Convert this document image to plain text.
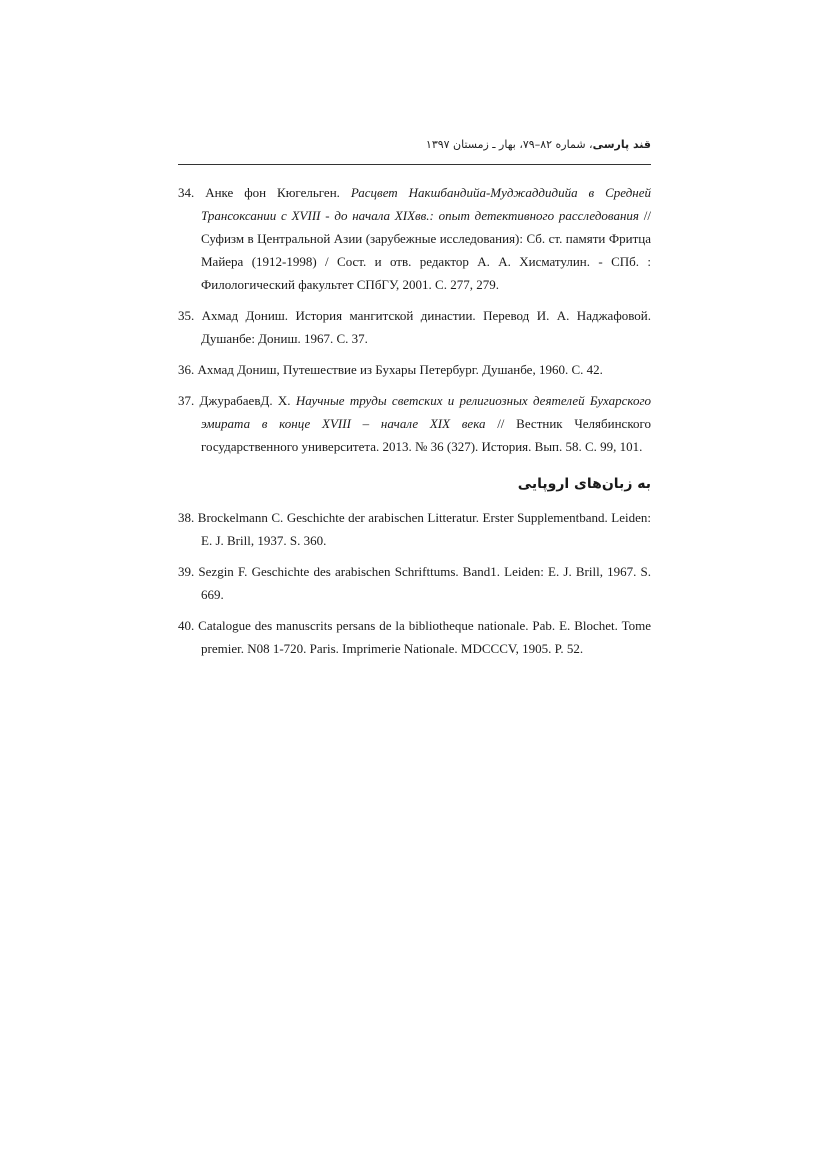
قند پارسی، شماره ۸۲–۷۹، بهار ـ زمستان ۱۳۹۷

34. Анке фон Кюгельген. Расцвет Накшбандийа-Муджаддидийа в Средней Трансоксании с XVIII - до начала XIXвв.: опыт детективного расследования // Суфизм в Центральной Азии (зарубежные исследования): Сб. ст. памяти Фритца Майера (1912-1998) / Сост. и отв. редактор А. А. Хисматулин. - СПб. : Филологический факультет СПбГУ, 2001. С. 277, 279.

35. Ахмад Дониш. История мангитской династии. Перевод И. А. Наджафовой. Душанбе: Дониш. 1967. С. 37.

36. Ахмад Дониш, Путешествие из Бухары Петербург. Душанбе, 1960. С. 42.

37. ДжурабаевД. Х. Научные труды светских и религиозных деятелей Бухарского эмирата в конце XVIII – начале XIX века // Вестник Челябинского государственного университета. 2013. № 36 (327). История. Вып. 58. С. 99, 101.

به زبان‌های اروپایی

38. Brockelmann C. Geschichte der arabischen Litteratur. Erster Supplementband. Leiden: E. J. Brill, 1937. S. 360.

39. Sezgin F. Geschichte des arabischen Schrifttums. Band1. Leiden: E. J. Brill, 1967. S. 669.

40. Catalogue des manuscrits persans de la bibliotheque nationale. Pab. E. Blochet. Tome premier. N08 1-720. Paris. Imprimerie Nationale. MDCCCV, 1905. P. 52.
